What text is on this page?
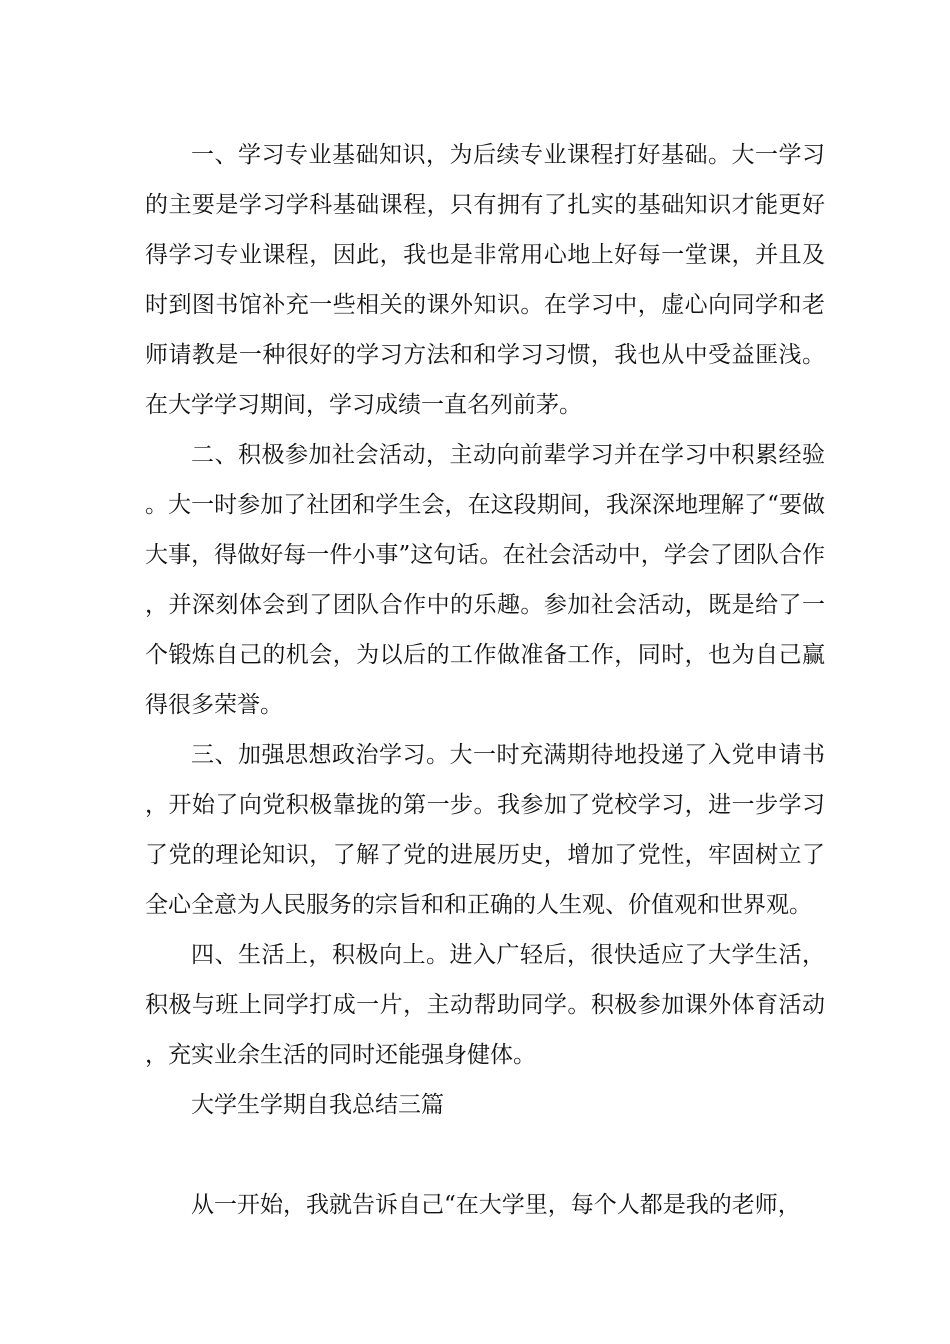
一、学习专业基础知识，为后续专业课程打好基础。大一学习的主要是学习学科基础课程，只有拥有了扎实的基础知识才能更好得学习专业课程，因此，我也是非常用心地上好每一堂课，并且及时到图书馆补充一些相关的课外知识。在学习中，虚心向同学和老师请教是一种很好的学习方法和和学习习惯，我也从中受益匪浅。在大学学习期间，学习成绩一直名列前茅。

二、积极参加社会活动，主动向前辈学习并在学习中积累经验。大一时参加了社团和学生会，在这段期间，我深深地理解了“要做大事，得做好每一件小事”这句话。在社会活动中，学会了团队合作，并深刻体会到了团队合作中的乐趣。参加社会活动，既是给了一个锻炼自己的机会，为以后的工作做准备工作，同时，也为自己赢得很多荣誉。

三、加强思想政治学习。大一时充满期待地投递了入党申请书，开始了向党积极靠拢的第一步。我参加了党校学习，进一步学习了党的理论知识，了解了党的进展历史，增加了党性，牢固树立了全心全意为人民服务的宗旨和和正确的人生观、价值观和世界观。

四、生活上，积极向上。进入广轻后，很快适应了大学生活，积极与班上同学打成一片，主动帮助同学。积极参加课外体育活动，充实业余生活的同时还能强身健体。

大学生学期自我总结三篇

从一开始，我就告诉自己“在大学里，每个人都是我的老师，
